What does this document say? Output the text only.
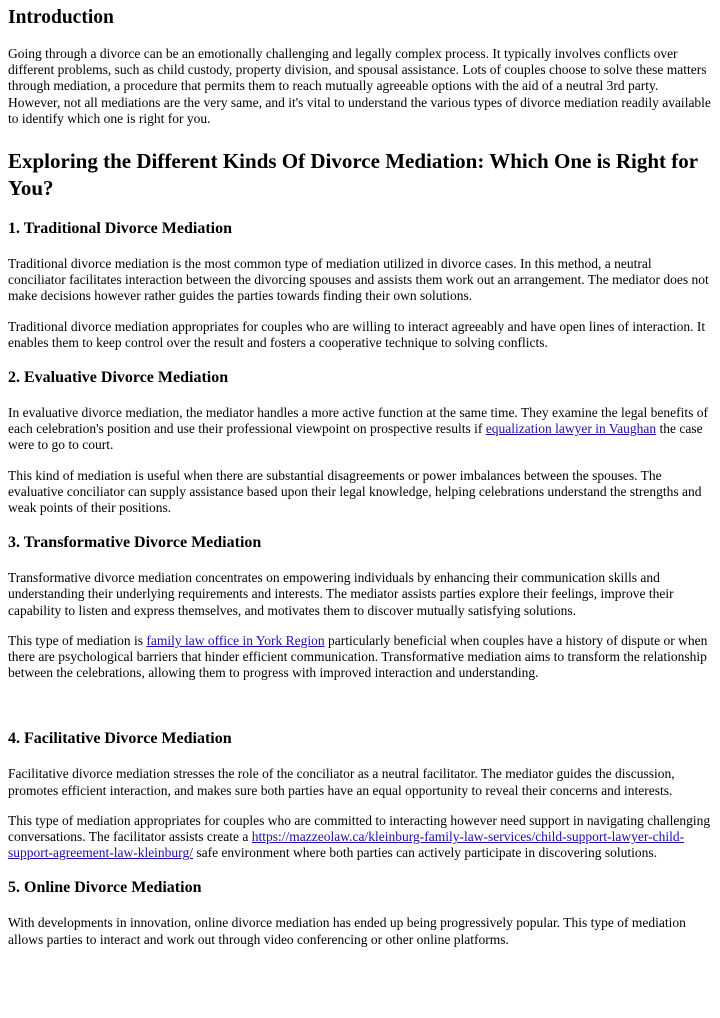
Introduction

Going through a divorce can be an emotionally challenging and legally complex process. It typically involves conflicts over different problems, such as child custody, property division, and spousal assistance. Lots of couples choose to solve these matters through mediation, a procedure that permits them to reach mutually agreeable options with the aid of a neutral 3rd party. However, not all mediations are the very same, and it's vital to understand the various types of divorce mediation readily available to identify which one is right for you.

Exploring the Different Kinds Of Divorce Mediation: Which One is Right for You?
1. Traditional Divorce Mediation

Traditional divorce mediation is the most common type of mediation utilized in divorce cases. In this method, a neutral conciliator facilitates interaction between the divorcing spouses and assists them work out an arrangement. The mediator does not make decisions however rather guides the parties towards finding their own solutions.

Traditional divorce mediation appropriates for couples who are willing to interact agreeably and have open lines of interaction. It enables them to keep control over the result and fosters a cooperative technique to solving conflicts.

2. Evaluative Divorce Mediation

In evaluative divorce mediation, the mediator handles a more active function at the same time. They examine the legal benefits of each celebration's position and use their professional viewpoint on prospective results if equalization lawyer in Vaughan the case were to go to court.

This kind of mediation is useful when there are substantial disagreements or power imbalances between the spouses. The evaluative conciliator can supply assistance based upon their legal knowledge, helping celebrations understand the strengths and weak points of their positions.

3. Transformative Divorce Mediation

Transformative divorce mediation concentrates on empowering individuals by enhancing their communication skills and understanding their underlying requirements and interests. The mediator assists parties explore their feelings, improve their capability to listen and express themselves, and motivates them to discover mutually satisfying solutions.

This type of mediation is family law office in York Region particularly beneficial when couples have a history of dispute or when there are psychological barriers that hinder efficient communication. Transformative mediation aims to transform the relationship between the celebrations, allowing them to progress with improved interaction and understanding.

4. Facilitative Divorce Mediation

Facilitative divorce mediation stresses the role of the conciliator as a neutral facilitator. The mediator guides the discussion, promotes efficient interaction, and makes sure both parties have an equal opportunity to reveal their concerns and interests.

This type of mediation appropriates for couples who are committed to interacting however need support in navigating challenging conversations. The facilitator assists create a https://mazzeolaw.ca/kleinburg-family-law-services/child-support-lawyer-child-support-agreement-law-kleinburg/ safe environment where both parties can actively participate in discovering solutions.

5. Online Divorce Mediation

With developments in innovation, online divorce mediation has ended up being progressively popular. This type of mediation allows parties to interact and work out through video conferencing or other online platforms.
